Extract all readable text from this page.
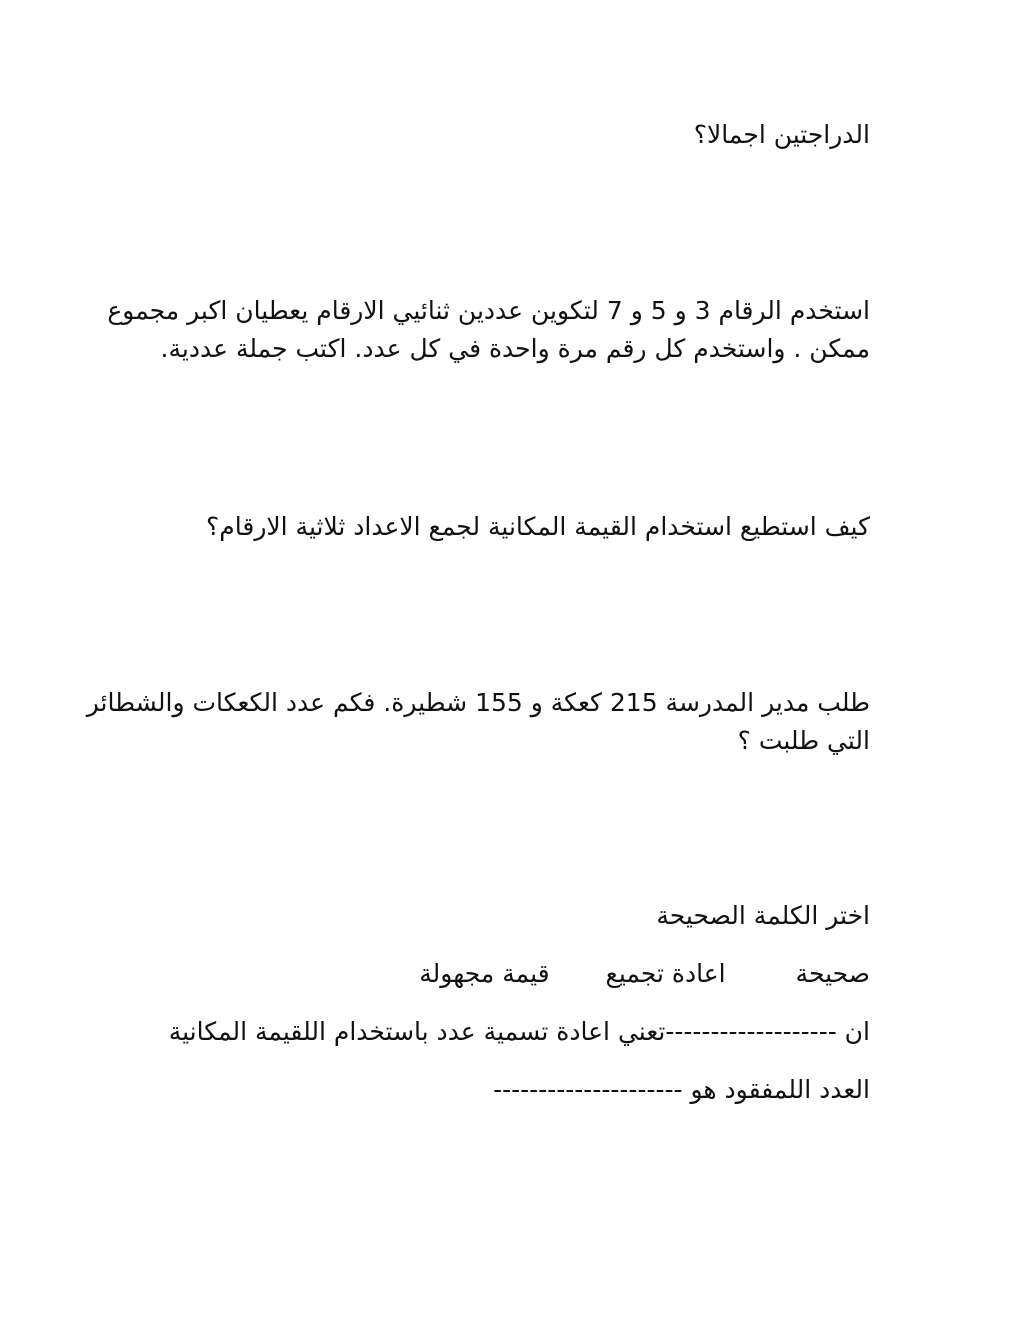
الدراجتين اجمالا؟
استخدم الرقام 3 و 5 و 7 لتكوين عددين ثنائيي الارقام يعطيان اكبر مجموع
ممكن . واستخدم كل رقم مرة واحدة في كل عدد. اكتب جملة عددية.
كيف استطيع استخدام القيمة المكانية لجمع الاعداد ثلاثية الارقام؟
طلب مدير المدرسة 215 كعكة و 155 شطيرة. فكم عدد الكعكات والشطائر
التي طلبت ؟
اختر الكلمة الصحيحة
صحيحة اعادة تجميع قيمة مجهولة
ان -------------------تعني اعادة تسمية عدد باستخدام اللقيمة المكانية
العدد اللمفقود هو ---------------------
